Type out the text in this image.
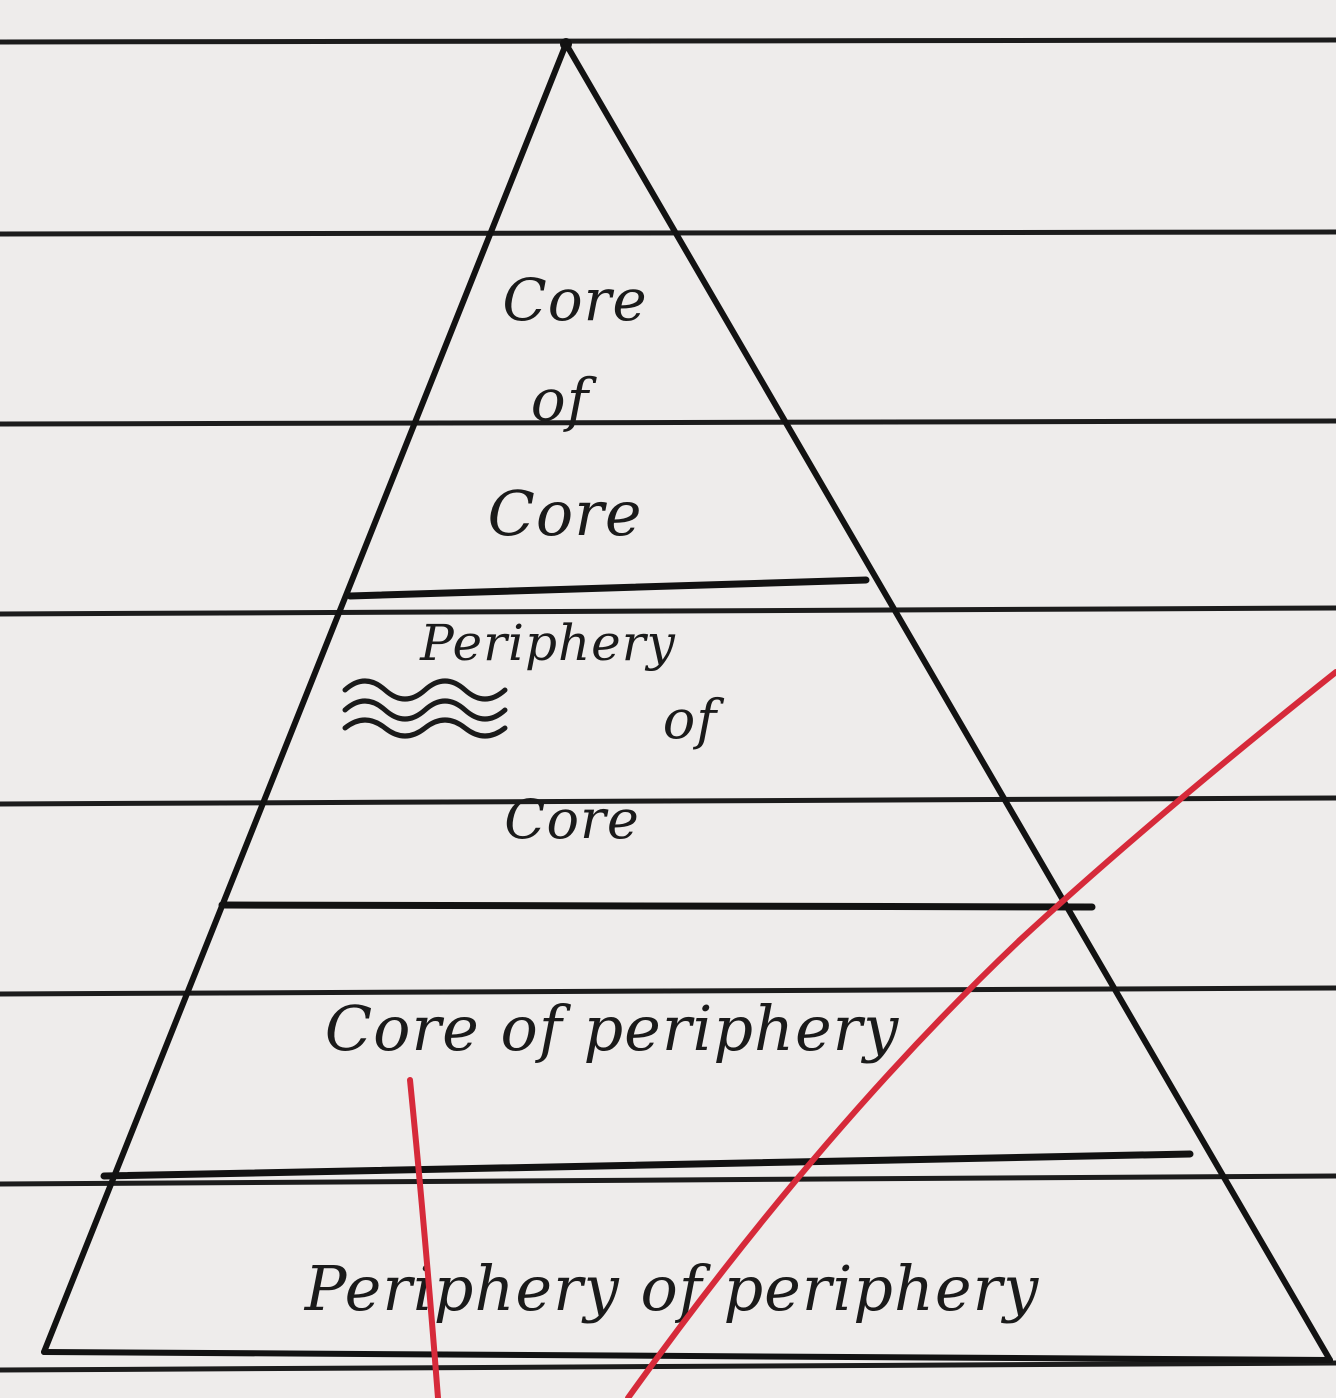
Core
of
Core
Periphery
of
Core
Core of periphery
Periphery of periphery
